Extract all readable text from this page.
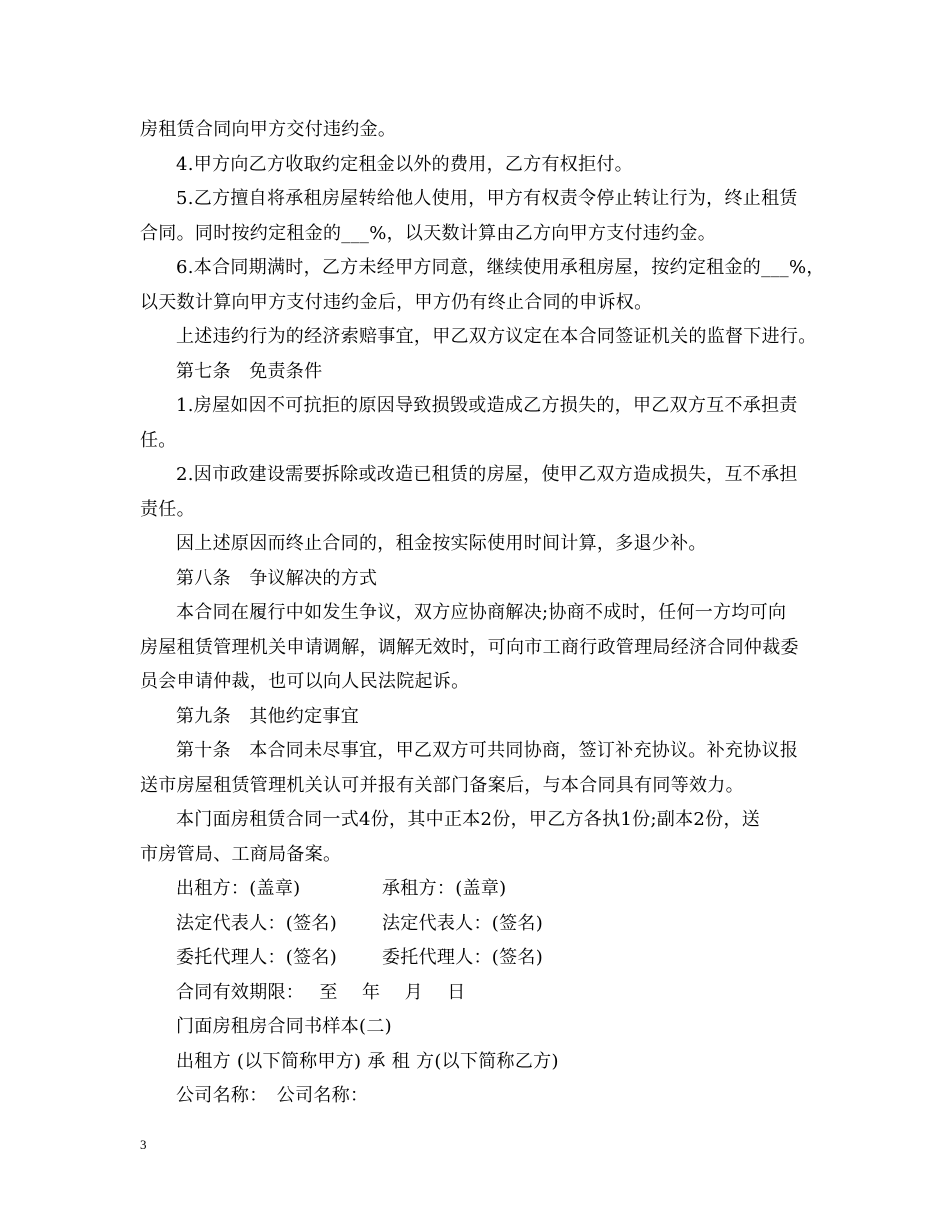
房租赁合同向甲方交付违约金。
4.甲方向乙方收取约定租金以外的费用，乙方有权拒付。
5.乙方擅自将承租房屋转给他人使用，甲方有权责令停止转让行为，终止租赁
合同。同时按约定租金的___%，以天数计算由乙方向甲方支付违约金。
6.本合同期满时，乙方未经甲方同意，继续使用承租房屋，按约定租金的___%，
以天数计算向甲方支付违约金后，甲方仍有终止合同的申诉权。
上述违约行为的经济索赔事宜，甲乙双方议定在本合同签证机关的监督下进行。
第七条　免责条件
1.房屋如因不可抗拒的原因导致损毁或造成乙方损失的，甲乙双方互不承担责
任。
2.因市政建设需要拆除或改造已租赁的房屋，使甲乙双方造成损失，互不承担
责任。
因上述原因而终止合同的，租金按实际使用时间计算，多退少补。
第八条　争议解决的方式
本合同在履行中如发生争议，双方应协商解决;协商不成时，任何一方均可向
房屋租赁管理机关申请调解，调解无效时，可向市工商行政管理局经济合同仲裁委
员会申请仲裁，也可以向人民法院起诉。
第九条　其他约定事宜
第十条　本合同未尽事宜，甲乙双方可共同协商，签订补充协议。补充协议报
送市房屋租赁管理机关认可并报有关部门备案后，与本合同具有同等效力。
本门面房租赁合同一式4份，其中正本2份，甲乙方各执1份;副本2份，送
市房管局、工商局备案。
出租方：(盖章)	承租方：(盖章)
法定代表人：(签名) 法定代表人：(签名)
委托代理人：(签名) 委托代理人：(签名)
合同有效期限：　 至　 年　 月　 日
门面房租房合同书样本(二)
出租方 (以下简称甲方) 承 租 方(以下简称乙方)
公司名称：　公司名称：
3
